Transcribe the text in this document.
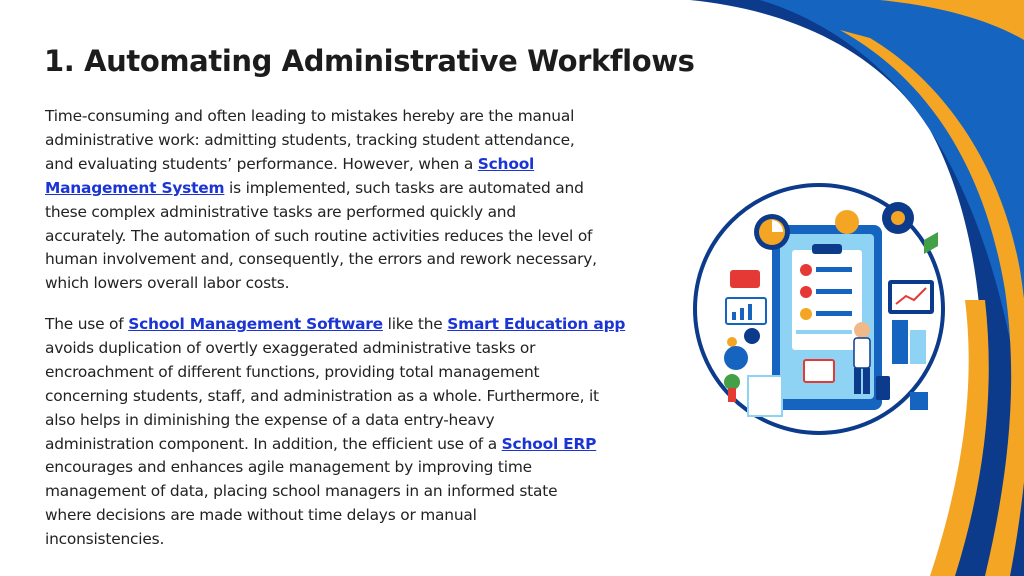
1. Automating Administrative Workflows
Time-consuming and often leading to mistakes hereby are the manual
administrative work: admitting students, tracking student attendance,
and evaluating students’ performance. However, when a School
Management System is implemented, such tasks are automated and
these complex administrative tasks are performed quickly and
accurately. The automation of such routine activities reduces the level of
human involvement and, consequently, the errors and rework necessary,
which lowers overall labor costs.
The use of School Management Software like the Smart Education app
avoids duplication of overtly exaggerated administrative tasks or
encroachment of different functions, providing total management
concerning students, staff, and administration as a whole. Furthermore, it
also helps in diminishing the expense of a data entry-heavy
administration component. In addition, the efficient use of a School ERP
encourages and enhances agile management by improving time
management of data, placing school managers in an informed state
where decisions are made without time delays or manual
inconsistencies.
